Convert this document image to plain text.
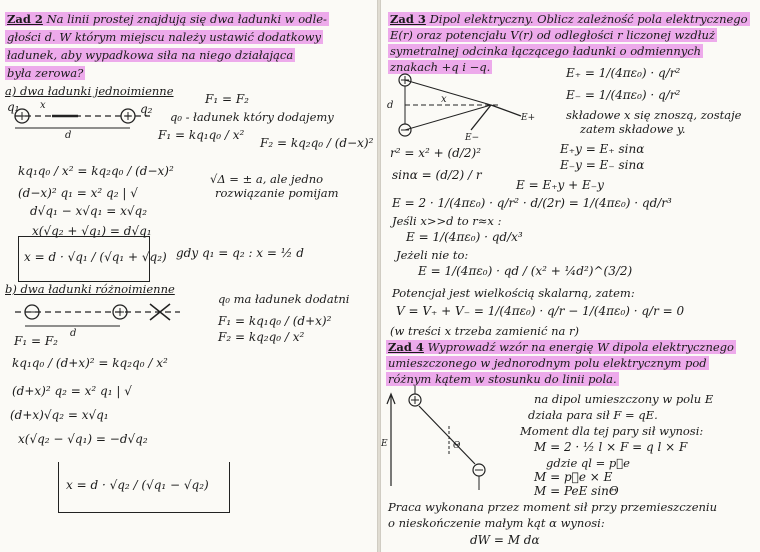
Zad 2 Na linii prostej znajdują się dwa ładunki w odle-
głości d. W którym miejscu należy ustawić dodatkowy
ładunek, aby wypadkowa siła na niego działająca
była zerowa?
a) dwa ładunki jednoimienne
F₁ = F₂
d
x
q₁	q₂
q₀ - ładunek który dodajemy
F₁ = kq₁q₀ / x²
F₂ = kq₂q₀ / (d−x)²
kq₁q₀ / x² = kq₂q₀ / (d−x)²
(d−x)² q₁ = x² q₂ | √
√Δ = ± a, ale jedno
rozwiązanie pomijam
d√q₁ − x√q₁ = x√q₂
x(√q₂ + √q₁) = d√q₁
x = d · √q₁ / (√q₁ + √q₂) gdy q₁ = q₂ : x = ½ d
b) dwa ładunki różnoimienne
d
q₀ ma ładunek dodatni
F₁ = kq₁q₀ / (d+x)²
F₂ = kq₂q₀ / x²
F₁ = F₂
kq₁q₀ / (d+x)² = kq₂q₀ / x²
(d+x)² q₂ = x² q₁ | √
(d+x)√q₂ = x√q₁
x(√q₂ − √q₁) = −d√q₂
x = d · √q₂ / (√q₁ − √q₂)
Zad 3 Dipol elektryczny. Oblicz zależność pola elektrycznego
E(r) oraz potencjału V(r) od odległości r liczonej wzdłuż
symetralnej odcinka łączącego ładunki o odmiennych
znakach +q i −q.
d
x
E+
E−
E₊ = 1/(4πε₀) · q/r²
E₋ = 1/(4πε₀) · q/r²
składowe x się znoszą, zostaje
zatem składowe y.
r² = x² + (d/2)²	E₊y = E₊ sinα
E₋y = E₋ sinα
sinα = (d/2) / r
E = E₊y + E₋y
E = 2 · 1/(4πε₀) · q/r² · d/(2r) = 1/(4πε₀) · qd/r³
Jeśli x>>d to r≈x :
E = 1/(4πε₀) · qd/x³
Jeżeli nie to:
E = 1/(4πε₀) · qd / (x² + ¼d²)^(3/2)
Potencjał jest wielkością skalarną, zatem:
V = V₊ + V₋ = 1/(4πε₀) · q/r − 1/(4πε₀) · q/r = 0
(w treści x trzeba zamienić na r)
Zad 4 Wyprowadź wzór na energię W dipola elektrycznego
umieszczonego w jednorodnym polu elektrycznym pod
różnym kątem w stosunku do linii pola.
Θ
E
na dipol umieszczony w polu E
działa para sił F = qE.
Moment dla tej pary sił wynosi:
M = 2 · ½ l × F = q l × F
gdzie ql = p⃗e
M = p⃗e × E
M = PeE sinΘ
Praca wykonana przez moment sił przy przemieszczeniu
o nieskończenie małym kąt α wynosi:
dW = M dα
